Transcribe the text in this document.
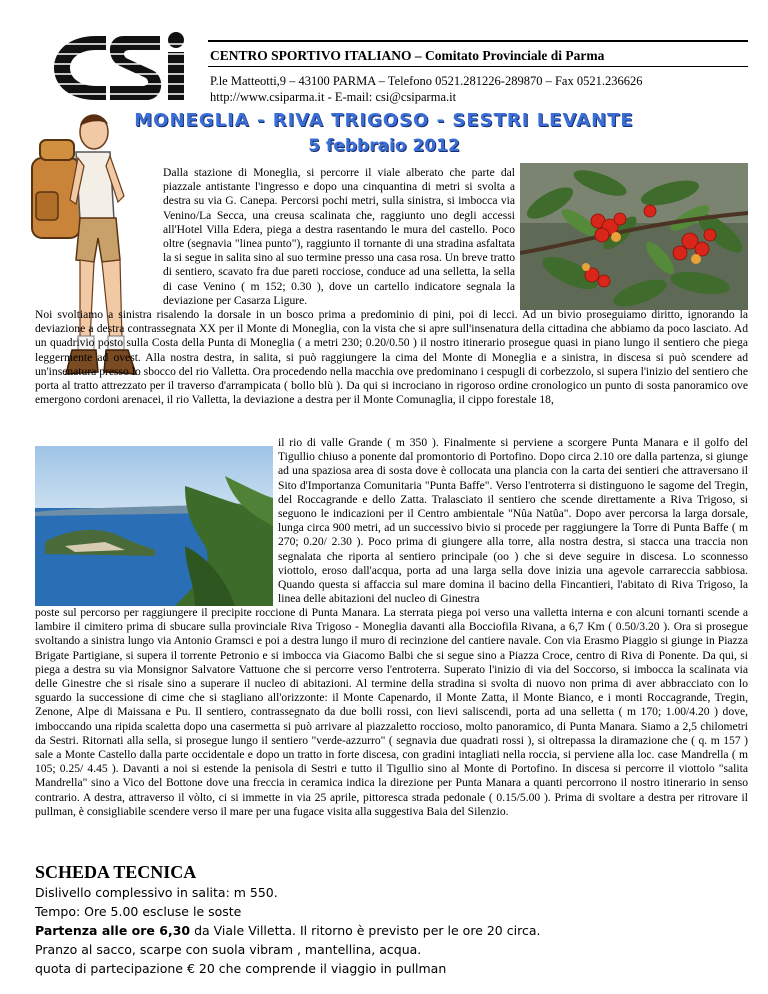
CENTRO SPORTIVO ITALIANO – Comitato Provinciale di Parma
P.le Matteotti,9 – 43100 PARMA – Telefono 0521.281226-289870 – Fax 0521.236626
http://www.csiparma.it - E-mail: csi@csiparma.it
MONEGLIA - RIVA TRIGOSO - SESTRI LEVANTE
5 febbraio 2012

Dalla stazione di Moneglia, si percorre il viale alberato che parte dal piazzale antistante l'ingresso e dopo una cinquantina di metri si svolta a destra su via G. Canepa. Percorsi pochi metri, sulla sinistra, si imbocca via Venino/La Secca, una creusa scalinata che, raggiunto uno degli accessi all'Hotel Villa Edera, piega a destra rasentando le mura del castello. Poco oltre (segnavia "linea punto"), raggiunto il tornante di una stradina asfaltata la si segue in salita sino al suo termine presso una casa rosa. Un breve tratto di sentiero, scavato fra due pareti rocciose, conduce ad una selletta, la sella di case Venino ( m 152; 0.30 ), dove un cartello indicatore segnala la deviazione per Casarza Ligure.

Noi svoltiamo a sinistra risalendo la dorsale in un bosco prima a predominio di pini, poi di lecci. Ad un bivio proseguiamo diritto, ignorando la deviazione a destra contrassegnata XX per il Monte di Moneglia, con la vista che si apre sull'insenatura della cittadina che abbiamo da poco lasciato. Ad un quadrivio posto sulla Costa della Punta di Moneglia ( a metri 230; 0.20/0.50 ) il nostro itinerario prosegue quasi in piano lungo il sentiero che piega leggermente ad ovest. Alla nostra destra, in salita, si può raggiungere la cima del Monte di Moneglia e a sinistra, in discesa si può scendere ad un'insenatura presso lo sbocco del rio Valletta. Ora procedendo nella macchia ove predominano i cespugli di corbezzolo, si supera l'inizio del sentiero che porta al tratto attrezzato per il traverso d'arrampicata ( bollo blù ). Da qui si incrociano in rigoroso ordine cronologico un punto di sosta panoramico ove emergono cordoni arenacei, il rio Valletta, la deviazione a destra per il Monte Comunaglia, il cippo forestale 18,

il rio di valle Grande ( m 350 ). Finalmente si perviene a scorgere Punta Manara e il golfo del Tigullio chiuso a ponente dal promontorio di Portofino. Dopo circa 2.10 ore dalla partenza, si giunge ad una spaziosa area di sosta dove è collocata una plancia con la carta dei sentieri che attraversano il Sito d'Importanza Comunitaria "Punta Baffe". Verso l'entroterra si distinguono le sagome del Tregin, del Roccagrande e dello Zatta. Tralasciato il sentiero che scende direttamente a Riva Trigoso, si seguono le indicazioni per il Centro ambientale "Nûa Natûa". Dopo aver percorsa la larga dorsale, lunga circa 900 metri, ad un successivo bivio si procede per raggiungere la Torre di Punta Baffe ( m 270; 0.20/ 2.30 ). Poco prima di giungere alla torre, alla nostra destra, si stacca una traccia non segnalata che riporta al sentiero principale (oo ) che si deve seguire in discesa. Lo sconnesso viottolo, eroso dall'acqua, porta ad una larga sella dove inizia una agevole carrareccia sabbiosa. Quando questa si affaccia sul mare domina il bacino della Fincantieri, l'abitato di Riva Trigoso, la linea delle abitazioni del nucleo di Ginestra

poste sul percorso per raggiungere il precipite roccione di Punta Manara. La sterrata piega poi verso una valletta interna e con alcuni tornanti scende a lambire il cimitero prima di sbucare sulla provinciale Riva Trigoso - Moneglia davanti alla Bocciofila Rivana, a 6,7 Km ( 0.50/3.20 ). Ora si prosegue svoltando a sinistra lungo via Antonio Gramsci e poi a destra lungo il muro di recinzione del cantiere navale. Con via Erasmo Piaggio si giunge in Piazza Brigate Partigiane, si supera il torrente Petronio e si imbocca via Giacomo Balbi che si segue sino a Piazza Croce, centro di Riva di Ponente. Da qui, si piega a destra su via Monsignor Salvatore Vattuone che si percorre verso l'entroterra. Superato l'inizio di via del Soccorso, si imbocca la scalinata via delle Ginestre che si risale sino a superare il nucleo di abitazioni. Al termine della stradina si svolta di nuovo non prima di aver abbracciato con lo sguardo la successione di cime che si stagliano all'orizzonte: il Monte Capenardo, il Monte Zatta, il Monte Bianco, e i monti Roccagrande, Tregin, Zenone, Alpe di Maissana e Pu. Il sentiero, contrassegnato da due bolli rossi, con lievi saliscendi, porta ad una selletta ( m 170; 1.00/4.20 ) dove, imboccando una ripida scaletta dopo una casermetta si può arrivare al piazzaletto roccioso, molto panoramico, di Punta Manara. Siamo a 2,5 chilometri da Sestri. Ritornati alla sella, si prosegue lungo il sentiero "verde-azzurro" ( segnavia due quadrati rossi ), si oltrepassa la diramazione che ( q. m 157 ) sale a Monte Castello dalla parte occidentale e dopo un tratto in forte discesa, con gradini intagliati nella roccia, si perviene alla loc. case Mandrella ( m 105; 0.25/ 4.45 ). Davanti a noi si estende la penisola di Sestri e tutto il Tigullio sino al Monte di Portofino. In discesa si percorre il viottolo "salita Mandrella" sino a Vico del Bottone dove una freccia in ceramica indica la direzione per Punta Manara a quanti percorrono il nostro itinerario in senso contrario. A destra, attraverso il vòlto, ci si immette in via 25 aprile, pittoresca strada pedonale ( 0.15/5.00 ). Prima di svoltare a destra per ritrovare il pullman, è consigliabile scendere verso il mare per una fugace visita alla suggestiva Baia del Silenzio.

SCHEDA TECNICA
Dislivello complessivo in salita: m 550.
Tempo: Ore 5.00 escluse le soste
Partenza alle ore 6,30 da Viale Villetta. Il ritorno è previsto per le ore 20 circa.
Pranzo al sacco, scarpe con suola vibram , mantellina, acqua.
quota di partecipazione € 20 che comprende il viaggio in pullman
